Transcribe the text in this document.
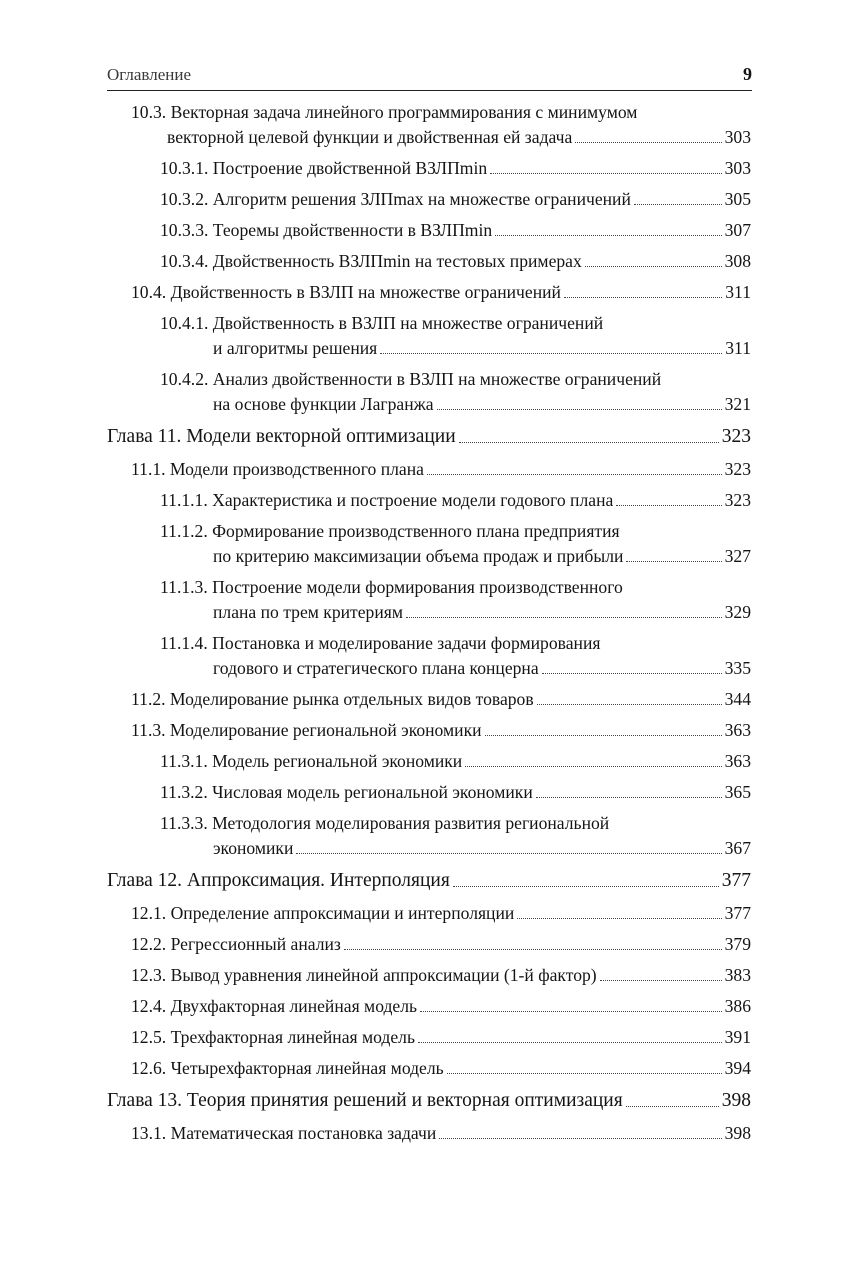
Оглавление	9
10.3. Векторная задача линейного программирования с минимумом
векторной целевой функции и двойственная ей задача	303
10.3.1. Построение двойственной ВЗЛПmin	303
10.3.2. Алгоритм решения ЗЛПmax на множестве ограничений	305
10.3.3. Теоремы двойственности в ВЗЛПmin	307
10.3.4. Двойственность ВЗЛПmin на тестовых примерах	308
10.4. Двойственность в ВЗЛП на множестве ограничений	311
10.4.1. Двойственность в ВЗЛП на множестве ограничений
и алгоритмы решения	311
10.4.2. Анализ двойственности в ВЗЛП на множестве ограничений
на основе функции Лагранжа	321
Глава 11. Модели векторной оптимизации	323
11.1. Модели производственного плана	323
11.1.1. Характеристика и построение модели годового плана	323
11.1.2. Формирование производственного плана предприятия
по критерию максимизации объема продаж и прибыли	327
11.1.3. Построение модели формирования производственного
плана по трем критериям	329
11.1.4. Постановка и моделирование задачи формирования
годового и стратегического плана концерна	335
11.2. Моделирование рынка отдельных видов товаров	344
11.3. Моделирование региональной экономики	363
11.3.1. Модель региональной экономики	363
11.3.2. Числовая модель региональной экономики	365
11.3.3. Методология моделирования развития региональной
экономики	367
Глава 12. Аппроксимация. Интерполяция	377
12.1. Определение аппроксимации и интерполяции	377
12.2. Регрессионный анализ	379
12.3. Вывод уравнения линейной аппроксимации (1-й фактор)	383
12.4. Двухфакторная линейная модель	386
12.5. Трехфакторная линейная модель	391
12.6. Четырехфакторная линейная модель	394
Глава 13. Теория принятия решений и векторная оптимизация	398
13.1. Математическая постановка задачи	398
